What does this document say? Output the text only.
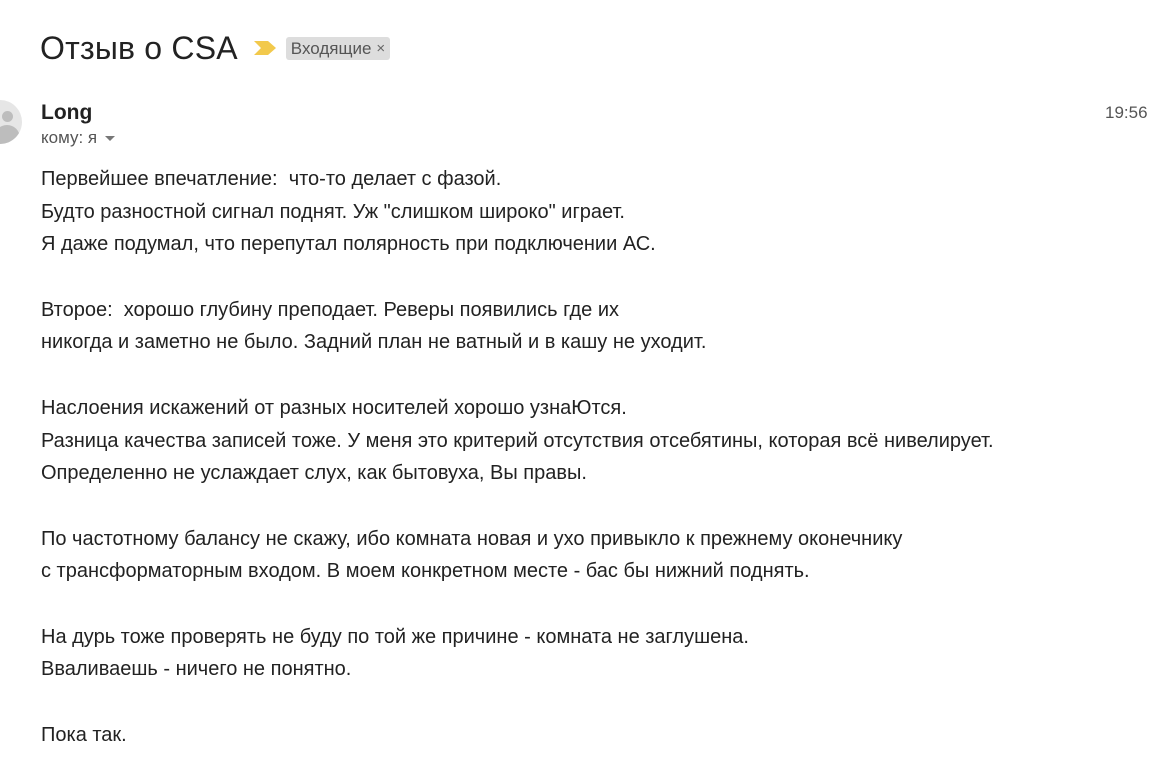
Отзыв о CSA	Входящие ×
Long
кому: я
19:56
Первейшее впечатление:  что-то делает с фазой.
Будто разностной сигнал поднят. Уж "слишком широко" играет.
Я даже подумал, что перепутал полярность при подключении АС.
Второе:  хорошо глубину преподает. Реверы появились где их
никогда и заметно не было. Задний план не ватный и в кашу не уходит.
Наслоения искажений от разных носителей хорошо узнаЮтся.
Разница качества записей тоже. У меня это критерий отсутствия отсебятины, которая всё нивелирует.
Определенно не услаждает слух, как бытовуха, Вы правы.
По частотному балансу не скажу, ибо комната новая и ухо привыкло к прежнему оконечнику
с трансформаторным входом. В моем конкретном месте - бас бы нижний поднять.
На дурь тоже проверять не буду по той же причине - комната не заглушена.
Вваливаешь - ничего не понятно.
Пока так.
